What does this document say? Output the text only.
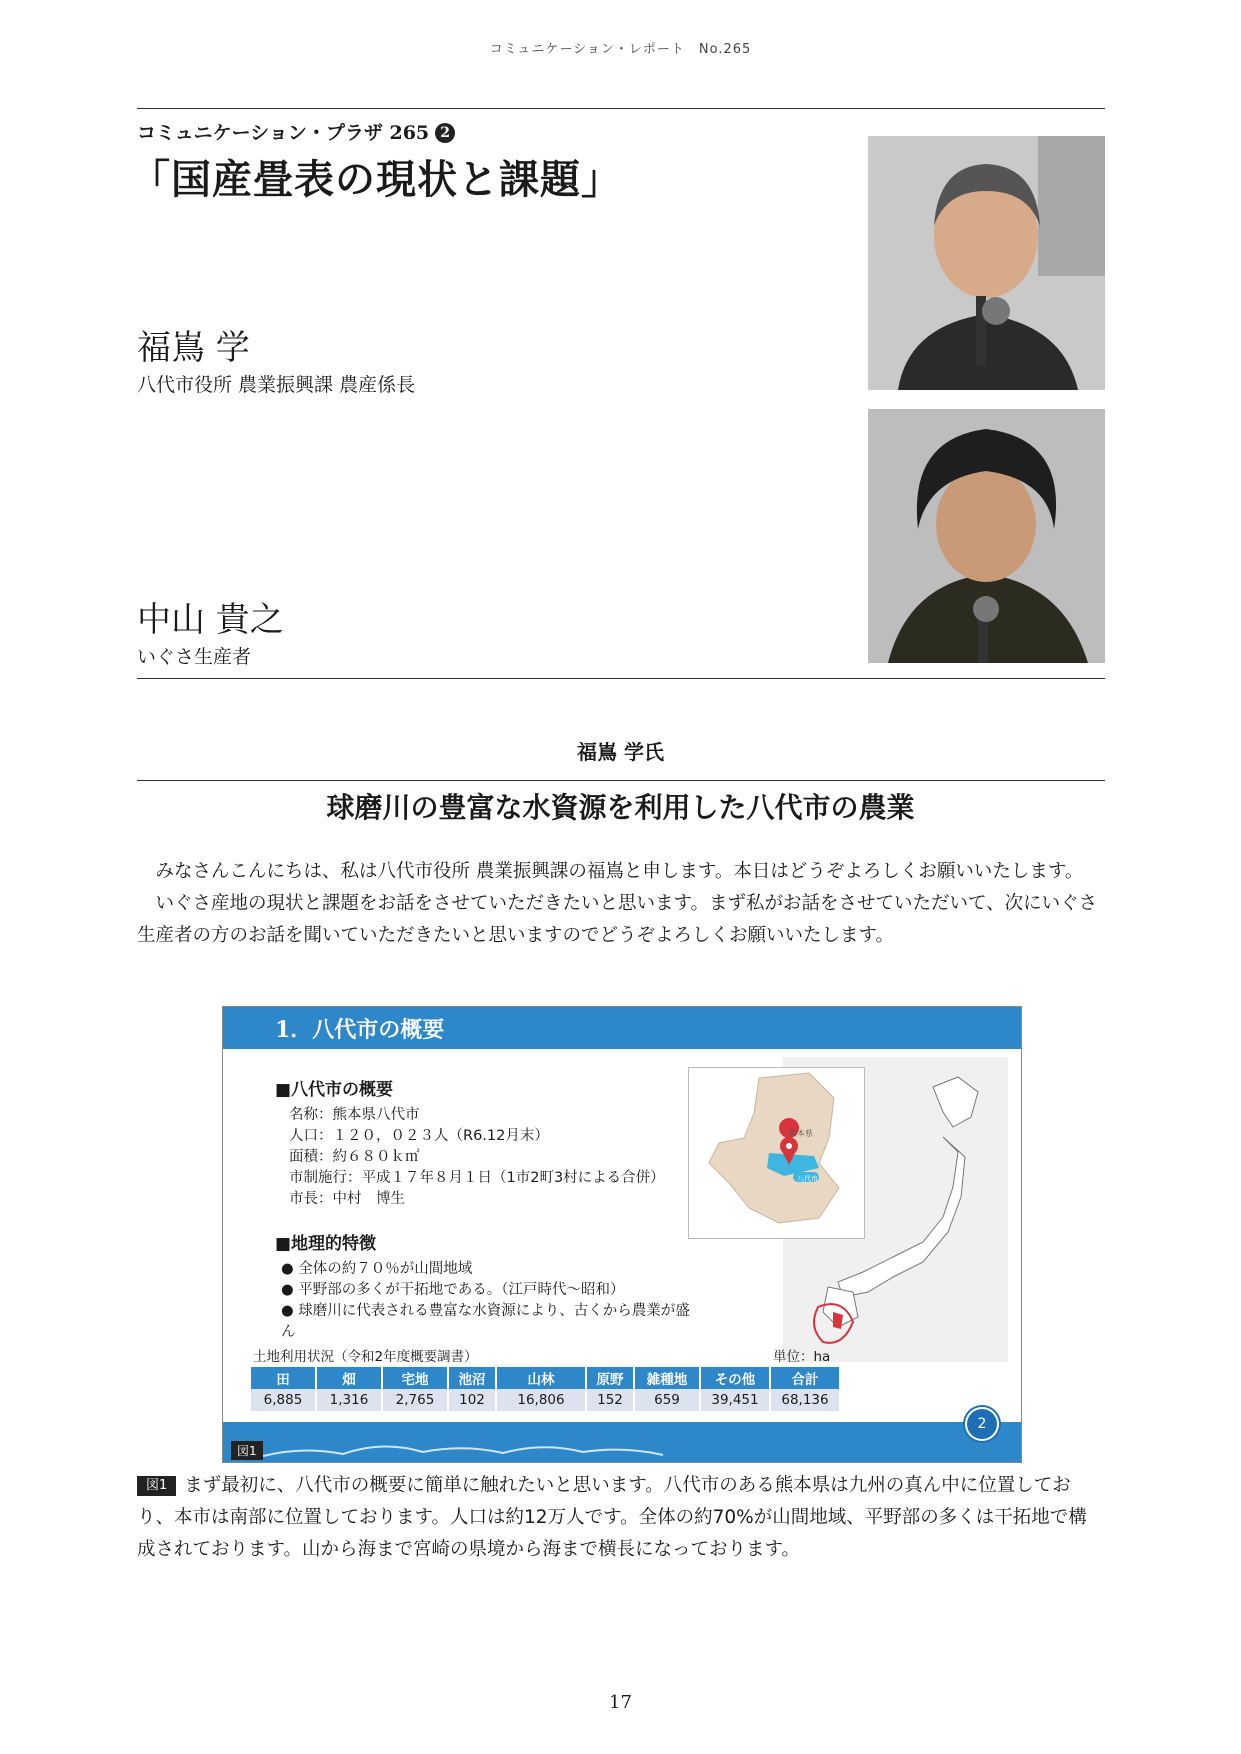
コミュニケーション・レポート　No.265
コミュニケーション・プラザ 265 2
「国産畳表の現状と課題」
福嶌 学
八代市役所 農業振興課 農産係長
中山 貴之
いぐさ生産者
福嶌 学氏
球磨川の豊富な水資源を利用した八代市の農業

みなさんこんにちは、私は八代市役所 農業振興課の福嶌と申します。本日はどうぞよろしくお願いいたします。

いぐさ産地の現状と課題をお話をさせていただきたいと思います。まず私がお話をさせていただいて、次にいぐさ生産者の方のお話を聞いていただきたいと思いますのでどうぞよろしくお願いいたします。

1．八代市の概要
■八代市の概要
名称：熊本県八代市
人口：１２０，０２３人（R6.12月末）
面積：約６８０ｋ㎡
市制施行：平成１７年８月１日（1市2町3村による合併）
市長：中村　博生
■地理的特徴
● 全体の約７０％が山間地域
● 平野部の多くが干拓地である。（江戸時代〜昭和）
● 球磨川に代表される豊富な水資源により、古くから農業が盛ん
熊本県
八代市
土地利用状況（令和2年度概要調書）	単位：ha
田	畑	宅地	池沼	山林	原野	雑種地	その他	合計
6,885	1,316	2,765	102	16,806	152	659	39,451	68,136
2
図1
図1 まず最初に、八代市の概要に簡単に触れたいと思います。八代市のある熊本県は九州の真ん中に位置しており、本市は南部に位置しております。人口は約12万人です。全体の約70%が山間地域、平野部の多くは干拓地で構成されております。山から海まで宮崎の県境から海まで横長になっております。
17
